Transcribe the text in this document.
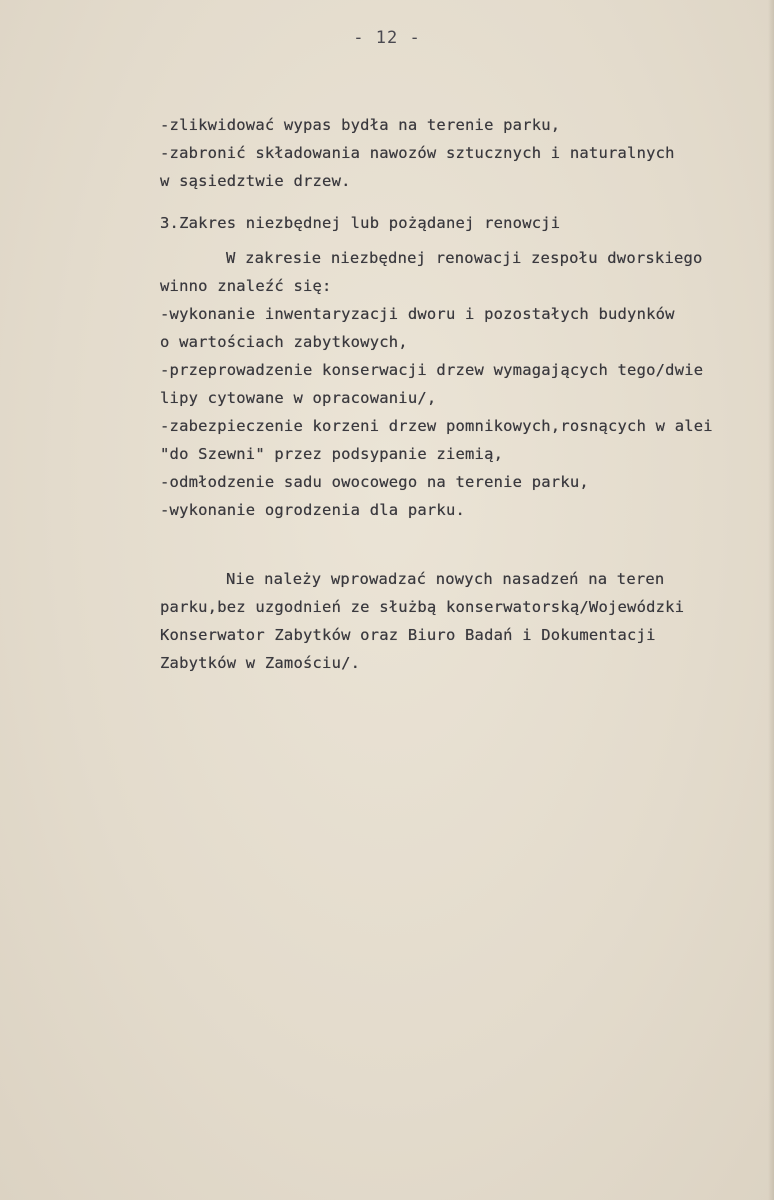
- 12 -
-zlikwidować wypas bydła na terenie parku,
-zabronić składowania nawozów sztucznych i naturalnych
w sąsiedztwie drzew.
3.Zakres niezbędnej lub pożądanej renowcji
W zakresie niezbędnej renowacji zespołu dworskiego
winno znaleźć się:
-wykonanie inwentaryzacji dworu i pozostałych budynków
o wartościach zabytkowych,
-przeprowadzenie konserwacji drzew wymagających tego/dwie
lipy cytowane w opracowaniu/,
-zabezpieczenie korzeni drzew pomnikowych,rosnących w alei
"do Szewni" przez podsypanie ziemią,
-odmłodzenie sadu owocowego na terenie parku,
-wykonanie ogrodzenia dla parku.
Nie należy wprowadzać nowych nasadzeń na teren
parku,bez uzgodnień ze służbą konserwatorską/Wojewódzki
Konserwator Zabytków oraz Biuro Badań i Dokumentacji
Zabytków w Zamościu/.
